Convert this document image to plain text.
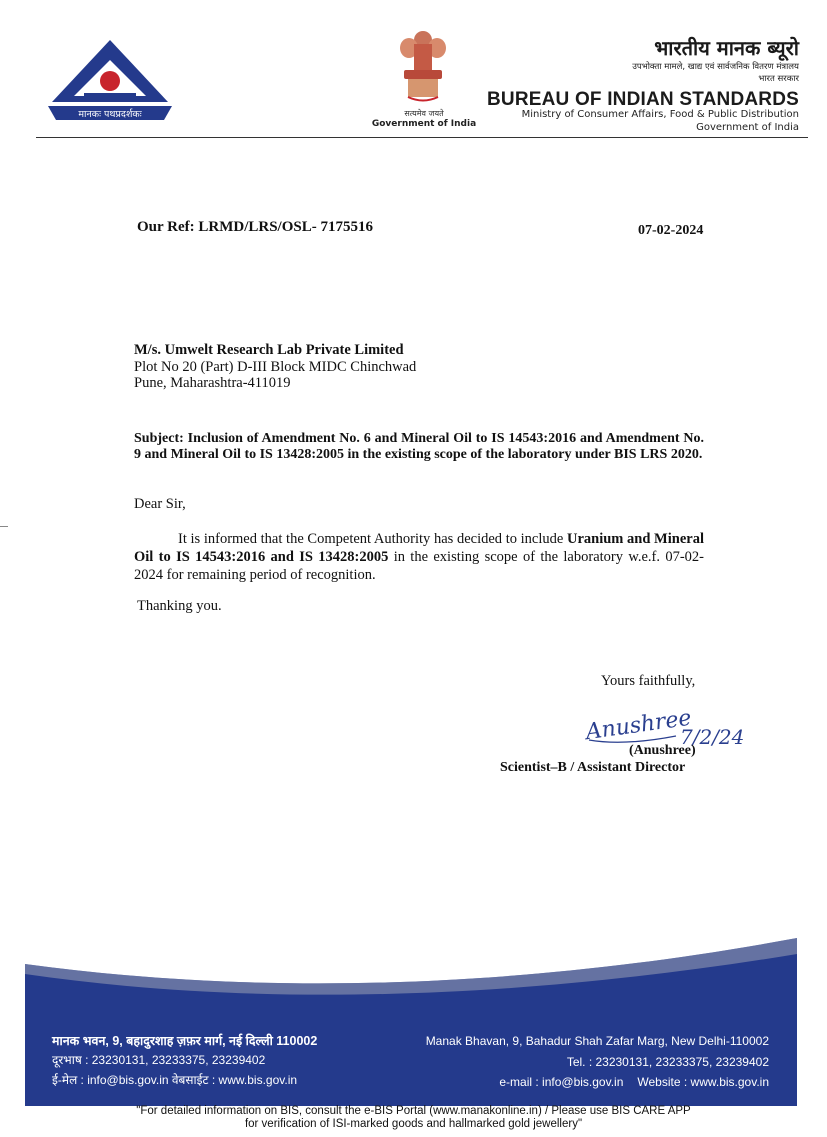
मानकः पथप्रदर्शकः	सत्यमेव जयते
Government of India
भारतीय मानक ब्यूरो
उपभोक्ता मामले, खाद्य एवं सार्वजनिक वितरण मंत्रालय
भारत सरकार
BUREAU OF INDIAN STANDARDS
Ministry of Consumer Affairs, Food & Public Distribution
Government of India
Our Ref: LRMD/LRS/OSL- 7175516	07-02-2024
M/s. Umwelt Research Lab Private Limited
Plot No 20 (Part) D-III Block MIDC Chinchwad
Pune, Maharashtra-411019
Subject: Inclusion of Amendment No. 6 and Mineral Oil to IS 14543:2016 and Amendment No. 9 and Mineral Oil to IS 13428:2005 in the existing scope of the laboratory under BIS LRS 2020.
Dear Sir,
It is informed that the Competent Authority has decided to include Uranium and Mineral Oil to IS 14543:2016 and IS 13428:2005 in the existing scope of the laboratory w.e.f. 07-02-2024 for remaining period of recognition.
Thanking you.
Yours faithfully,
Anushree
7/2/24
(Anushree)
Scientist–B / Assistant Director
मानक भवन, 9, बहादुरशाह ज़फ़र मार्ग, नई दिल्ली 110002
दूरभाष : 23230131, 23233375, 23239402
ई-मेल : info@bis.gov.in वेबसाईट : www.bis.gov.in
Manak Bhavan, 9, Bahadur Shah Zafar Marg, New Delhi-110002
Tel. : 23230131, 23233375, 23239402
e-mail : info@bis.gov.in Website : www.bis.gov.in
"For detailed information on BIS, consult the e-BIS Portal (www.manakonline.in) / Please use BIS CARE APP
for verification of ISI-marked goods and hallmarked gold jewellery"
